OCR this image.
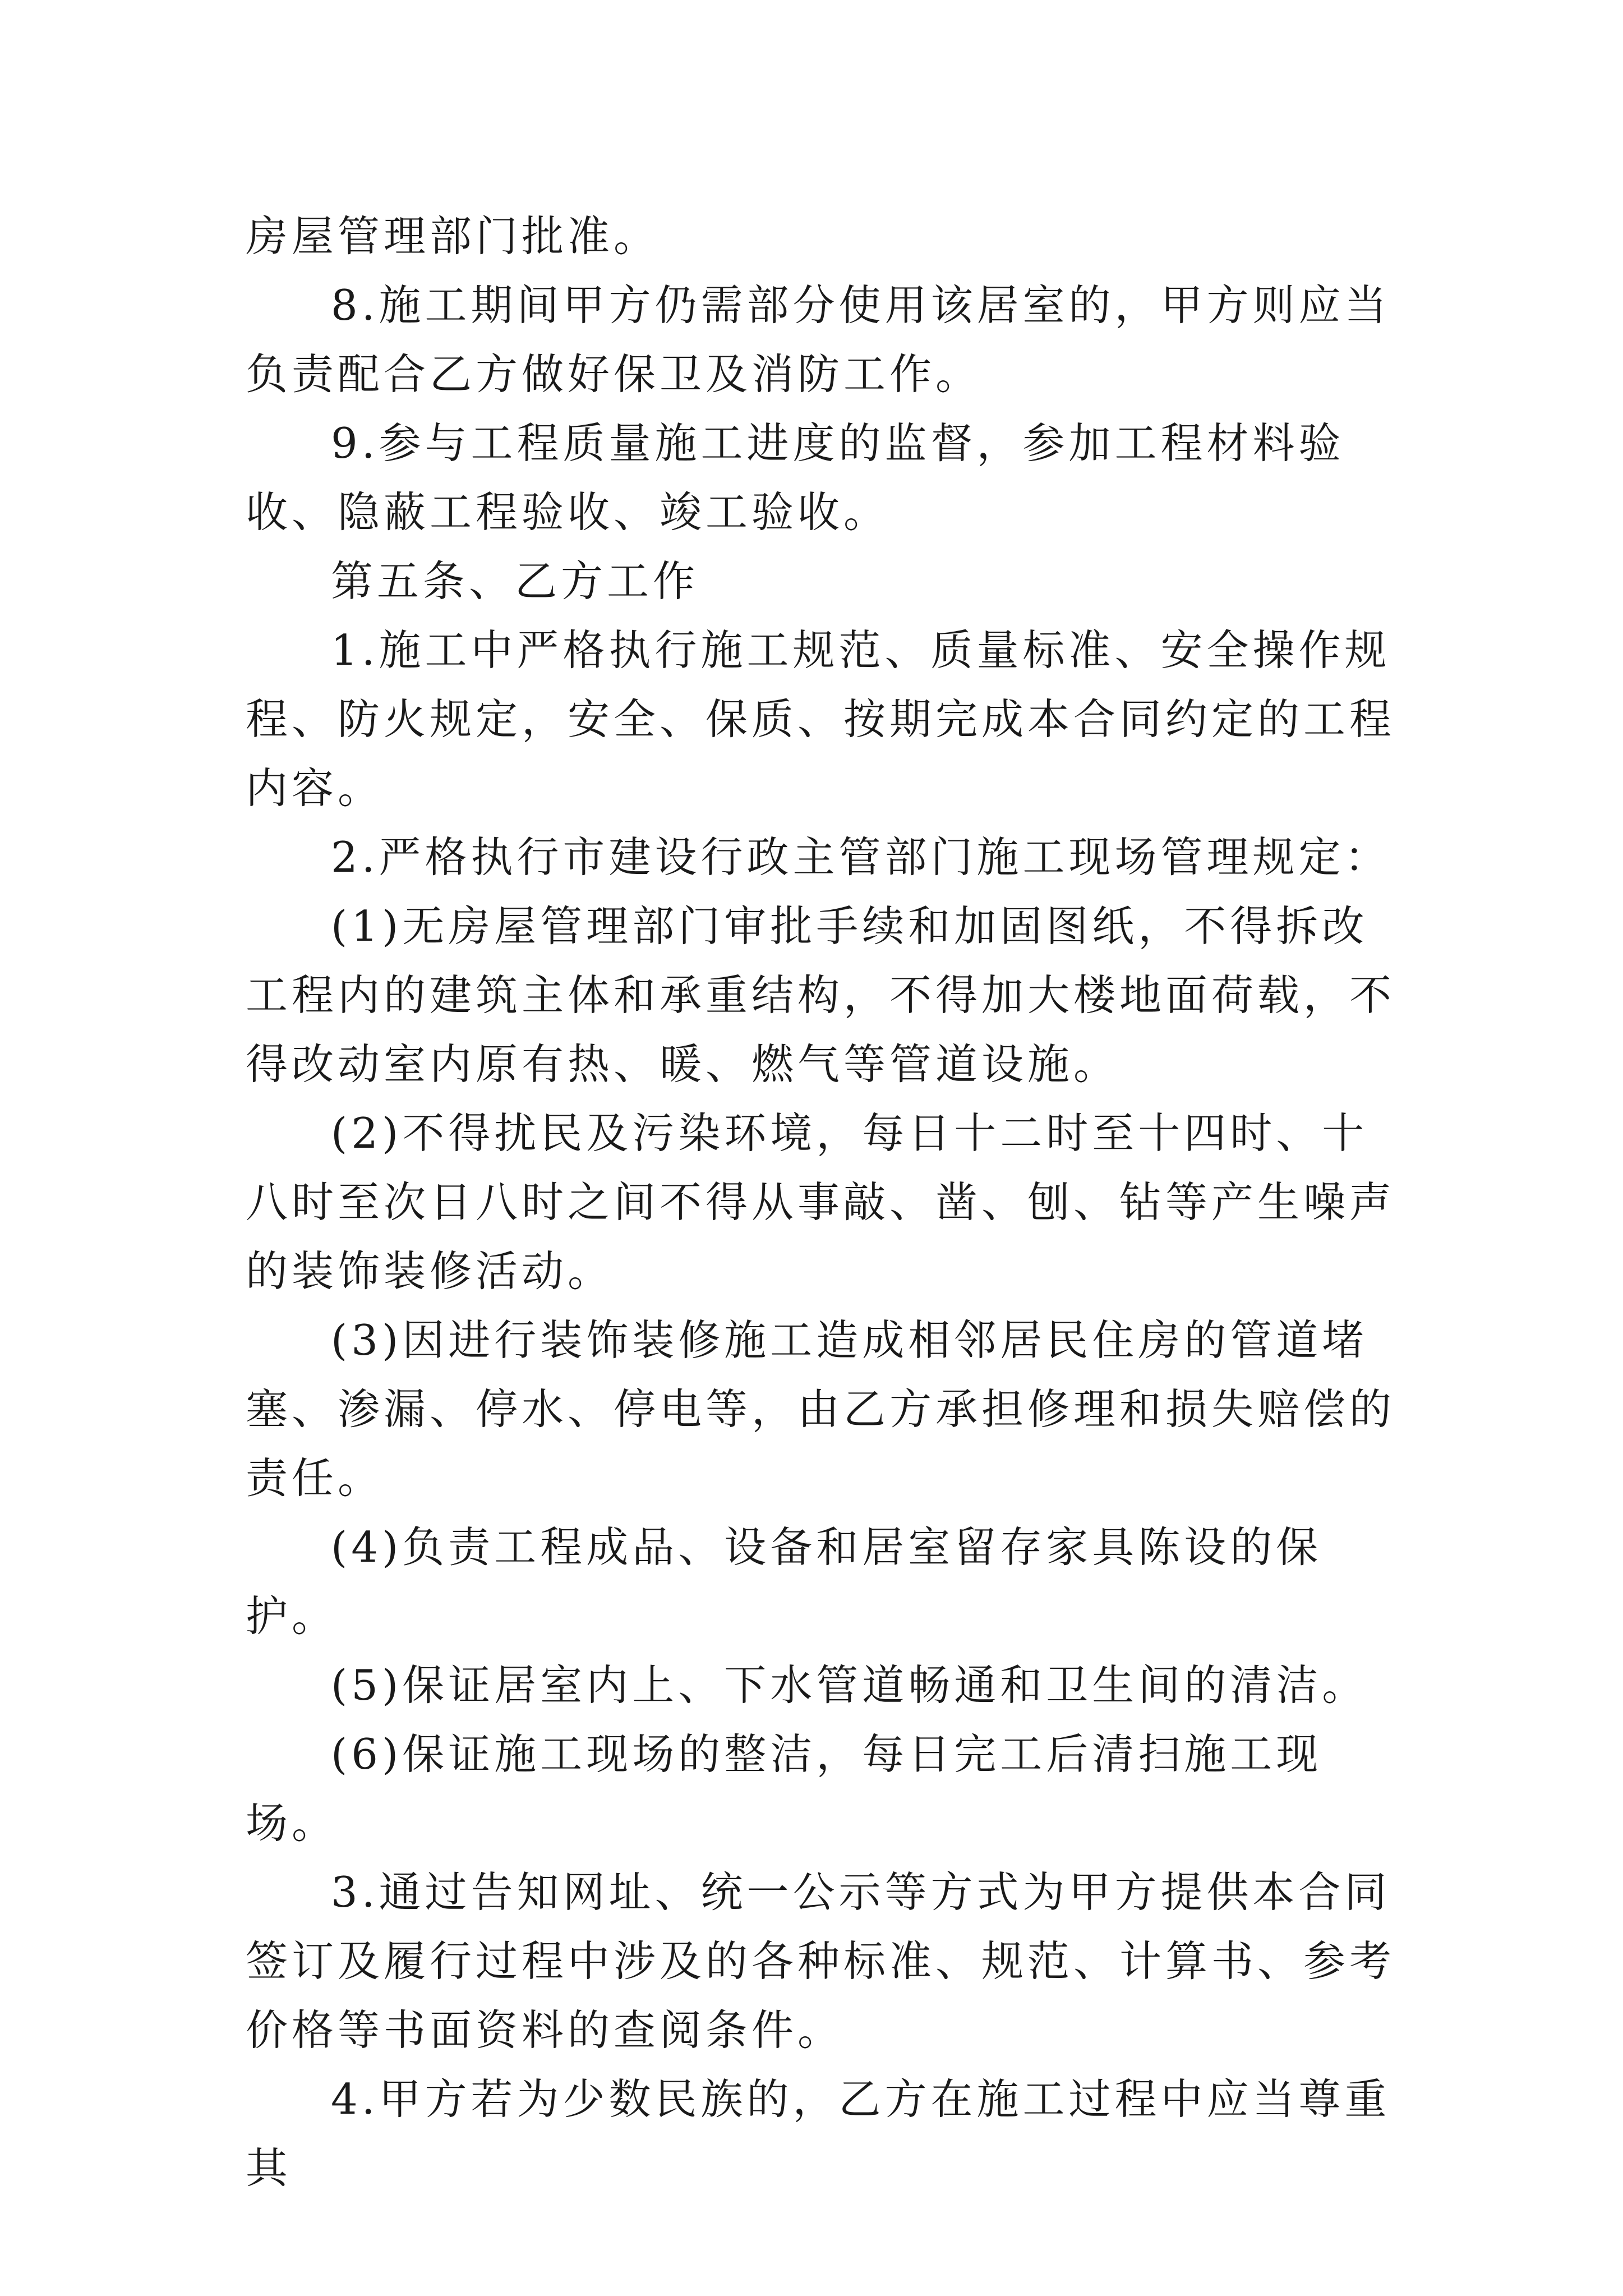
房屋管理部门批准。

8.施工期间甲方仍需部分使用该居室的，甲方则应当负责配合乙方做好保卫及消防工作。

9.参与工程质量施工进度的监督，参加工程材料验收、隐蔽工程验收、竣工验收。

第五条、乙方工作

1.施工中严格执行施工规范、质量标准、安全操作规程、防火规定，安全、保质、按期完成本合同约定的工程内容。

2.严格执行市建设行政主管部门施工现场管理规定：

(1)无房屋管理部门审批手续和加固图纸，不得拆改工程内的建筑主体和承重结构，不得加大楼地面荷载，不得改动室内原有热、暖、燃气等管道设施。

(2)不得扰民及污染环境，每日十二时至十四时、十八时至次日八时之间不得从事敲、凿、刨、钻等产生噪声的装饰装修活动。

(3)因进行装饰装修施工造成相邻居民住房的管道堵塞、渗漏、停水、停电等，由乙方承担修理和损失赔偿的责任。

(4)负责工程成品、设备和居室留存家具陈设的保护。

(5)保证居室内上、下水管道畅通和卫生间的清洁。

(6)保证施工现场的整洁，每日完工后清扫施工现场。

3.通过告知网址、统一公示等方式为甲方提供本合同签订及履行过程中涉及的各种标准、规范、计算书、参考价格等书面资料的查阅条件。

4.甲方若为少数民族的，乙方在施工过程中应当尊重其
